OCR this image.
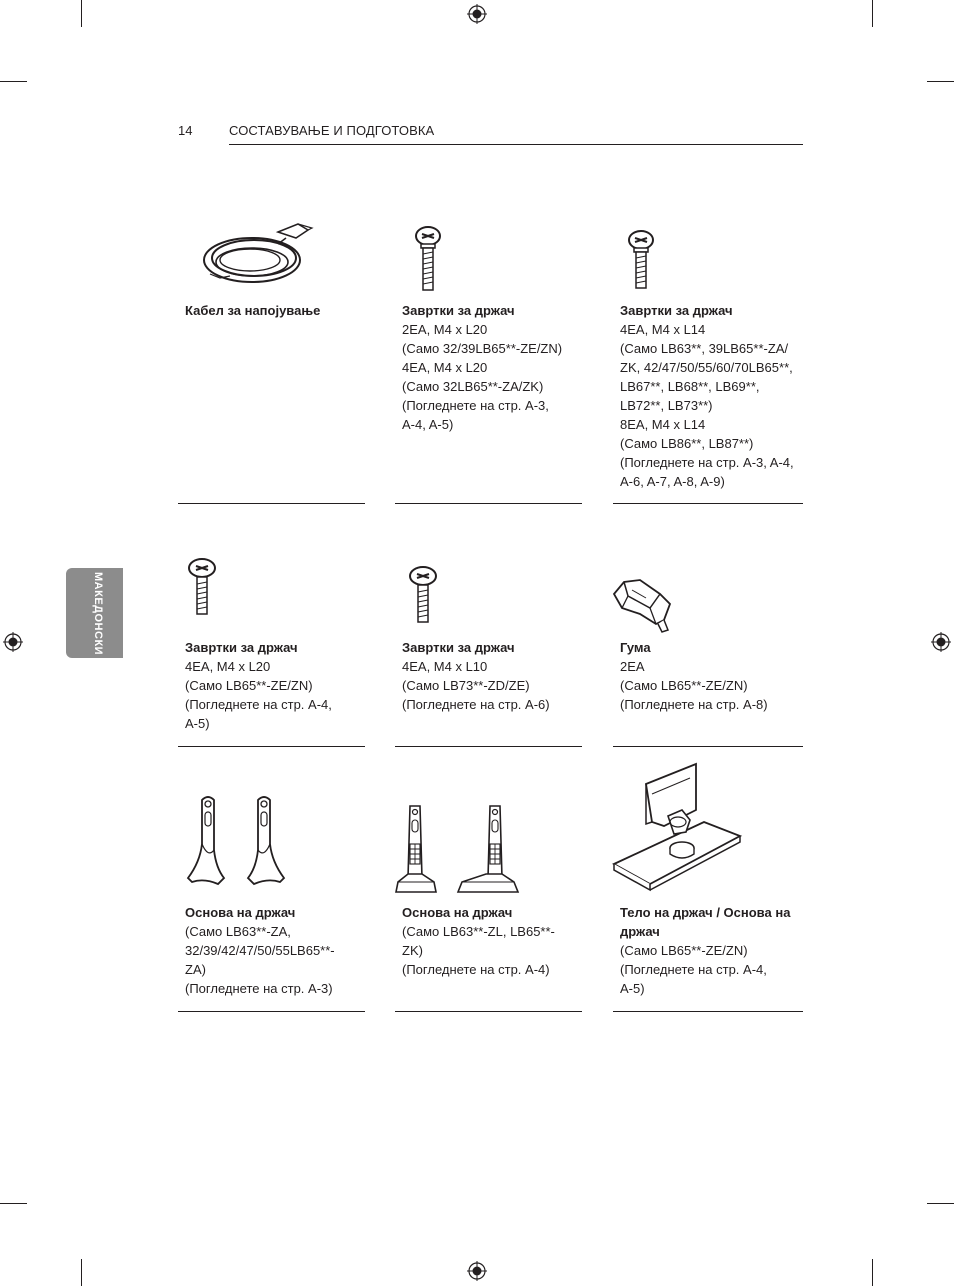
14	СОСТАВУВАЊЕ И ПОДГОТОВКА
МАКЕДОНСКИ
Кабел за напојување	Завртки за држач
2EA, M4 x L20
(Само 32/39LB65**-ZE/ZN)
4EA, M4 x L20
(Само 32LB65**-ZA/ZK)
(Погледнете на стр. A-3,
A-4, A-5)
Завртки за држач
4EA, M4 x L14
(Само LB63**, 39LB65**-ZA/
ZK, 42/47/50/55/60/70LB65**,
LB67**, LB68**, LB69**,
LB72**, LB73**)
8EA, M4 x L14
(Само LB86**, LB87**)
(Погледнете на стр. A-3, A-4,
A-6, A-7, A-8, A-9)
Завртки за држач
4EA, M4 x L20
(Само LB65**-ZE/ZN)
(Погледнете на стр. A-4,
A-5)
Завртки за држач
4EA, M4 x L10
(Само LB73**-ZD/ZE)
(Погледнете на стр. A-6)
Гума
2EA
(Само LB65**-ZE/ZN)
(Погледнете на стр. A-8)
Основа на држач
(Само LB63**-ZA,
32/39/42/47/50/55LB65**-
ZA)
(Погледнете на стр. A-3)
Основа на држач
(Само LB63**-ZL, LB65**-
ZK)
(Погледнете на стр. A-4)
Тело на држач / Основа на
држач
(Само LB65**-ZE/ZN)
(Погледнете на стр. A-4,
A-5)
